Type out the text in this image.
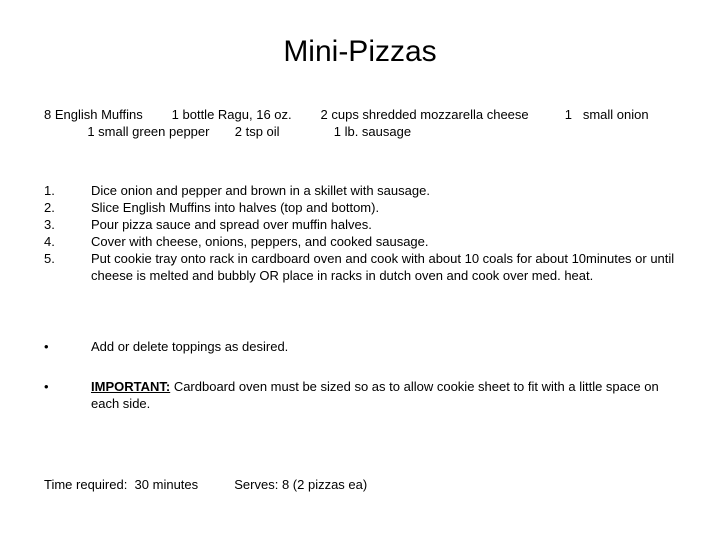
Mini-Pizzas
8 English Muffins        1 bottle Ragu, 16 oz.        2 cups shredded mozzarella cheese          1   small onion
1 small green pepper       2 tsp oil               1 lb. sausage
1.	Dice onion and pepper and brown in a skillet with sausage.
2.	Slice English Muffins into halves (top and bottom).
3.	Pour pizza sauce and spread over muffin halves.
4.	Cover with cheese, onions, peppers, and cooked sausage.
5.	Put cookie tray onto rack in cardboard oven and cook with about 10 coals for about 10minutes or until cheese is melted and bubbly OR place in racks in dutch oven and cook over med. heat.
•	Add or delete toppings as desired.
•	IMPORTANT: Cardboard oven must be sized so as to allow cookie sheet to fit with a little space on each side.
Time required:  30 minutes	Serves: 8 (2 pizzas ea)
